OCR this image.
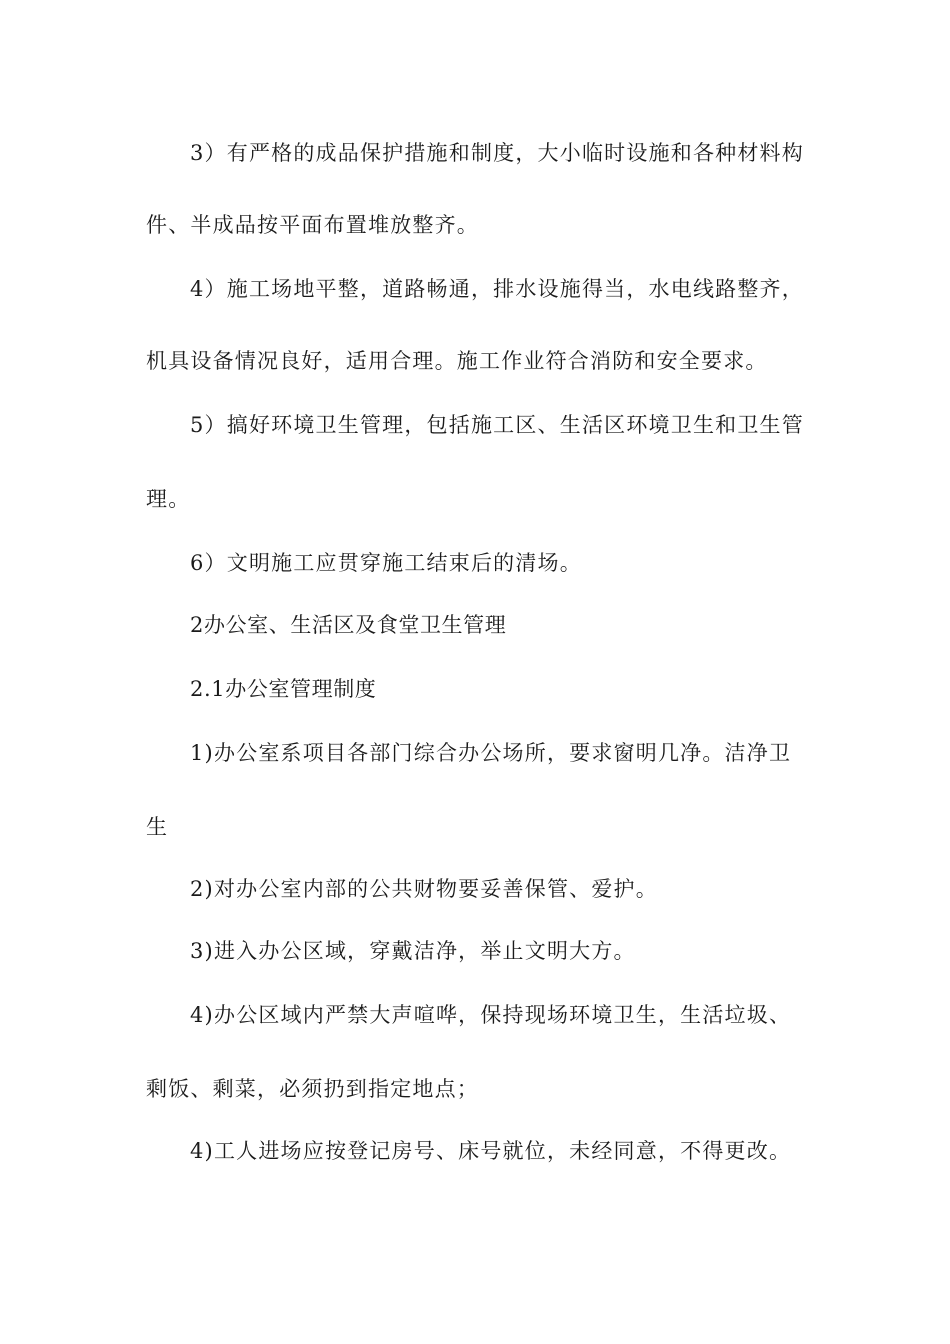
3）有严格的成品保护措施和制度，大小临时设施和各种材料构
件、半成品按平面布置堆放整齐。
4）施工场地平整，道路畅通，排水设施得当，水电线路整齐，
机具设备情况良好，适用合理。施工作业符合消防和安全要求。
5）搞好环境卫生管理，包括施工区、生活区环境卫生和卫生管
理。
6）文明施工应贯穿施工结束后的清场。
2办公室、生活区及食堂卫生管理
2.1办公室管理制度
1)办公室系项目各部门综合办公场所，要求窗明几净。洁净卫
生
2)对办公室内部的公共财物要妥善保管、爱护。
3)进入办公区域，穿戴洁净，举止文明大方。
4)办公区域内严禁大声喧哗，保持现场环境卫生，生活垃圾、
剩饭、剩菜，必须扔到指定地点；
4)工人进场应按登记房号、床号就位，未经同意，不得更改。
